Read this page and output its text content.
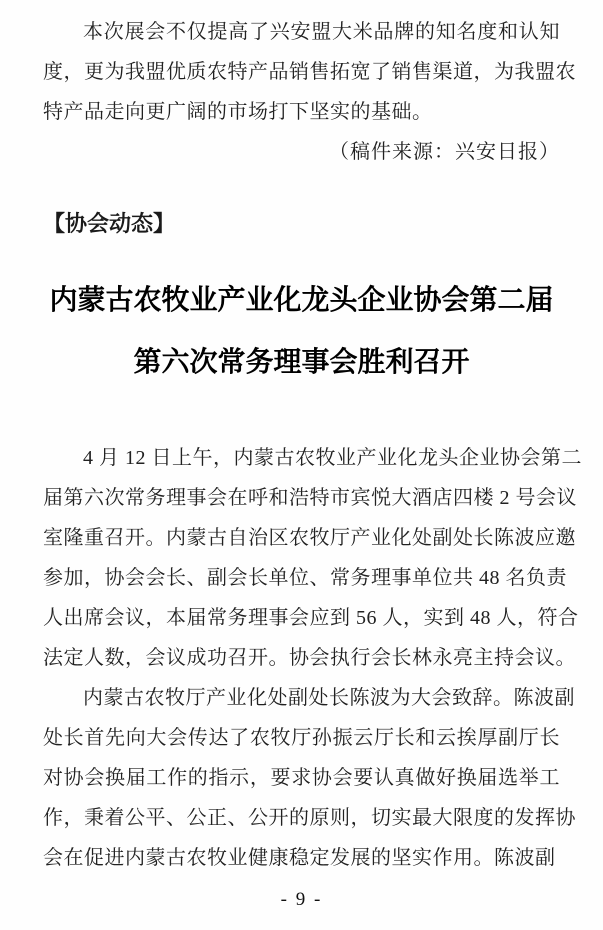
本次展会不仅提高了兴安盟大米品牌的知名度和认知
度，更为我盟优质农特产品销售拓宽了销售渠道，为我盟农
特产品走向更广阔的市场打下坚实的基础。
（稿件来源：兴安日报）
【协会动态】
内蒙古农牧业产业化龙头企业协会第二届
第六次常务理事会胜利召开
4 月 12 日上午，内蒙古农牧业产业化龙头企业协会第二
届第六次常务理事会在呼和浩特市宾悦大酒店四楼 2 号会议
室隆重召开。内蒙古自治区农牧厅产业化处副处长陈波应邀
参加，协会会长、副会长单位、常务理事单位共 48 名负责
人出席会议，本届常务理事会应到 56 人，实到 48 人，符合
法定人数，会议成功召开。协会执行会长林永亮主持会议。
内蒙古农牧厅产业化处副处长陈波为大会致辞。陈波副
处长首先向大会传达了农牧厅孙振云厅长和云挨厚副厅长
对协会换届工作的指示，要求协会要认真做好换届选举工
作，秉着公平、公正、公开的原则，切实最大限度的发挥协
会在促进内蒙古农牧业健康稳定发展的坚实作用。陈波副
- 9 -
